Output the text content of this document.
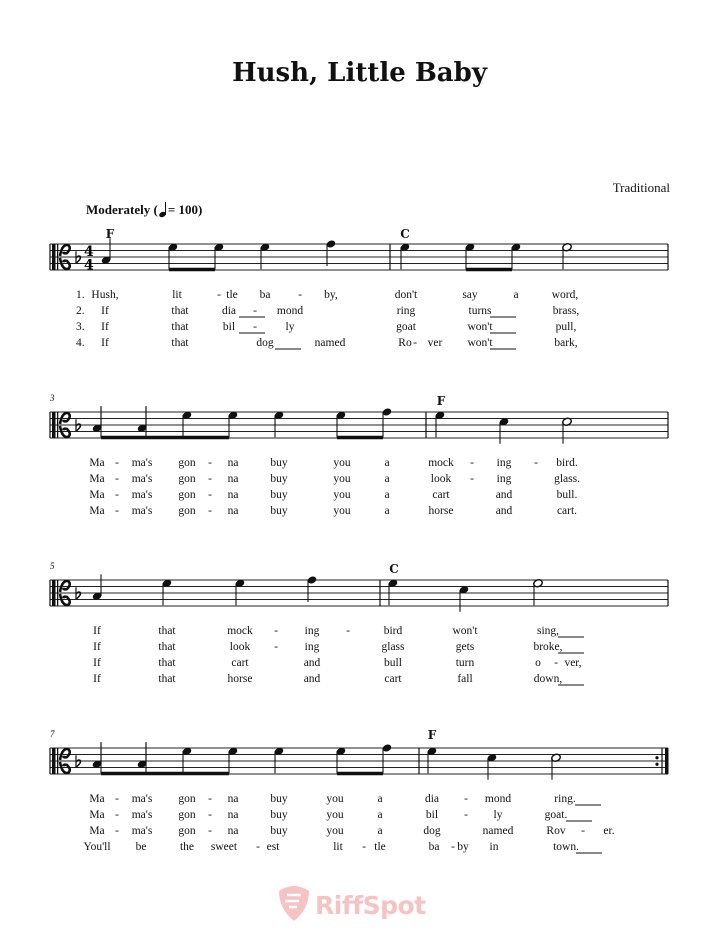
Hush, Little Baby
Traditional
Moderately ( = 100)
4
4
F	C
F
C
F
3
5
7
1.
2.
3.
4.
Hush,	lit	- tle ba - by,	don't	say	a	word,
If	that	dia - mond	ring	turns	brass,
If	that	bil - ly	goat	won't	pull,
If	that	dog	named	Ro - ver won't	bark,
Ma - ma's gon - na	buy	you	a	mock - ing - bird.
Ma - ma's gon - na	buy	you	a	look - ing	glass.
Ma - ma's gon - na	buy	you	a	cart	and	bull.
Ma - ma's gon - na	buy	you	a	horse	and	cart.
If	that	mock - ing -	bird	won't	sing,
If	that	look - ing	glass	gets	broke,
If	that	cart	and	bull	turn	o - ver,
If	that	horse	and	cart	fall	down,
Ma - ma's gon - na	buy	you	a	dia - mond	ring.
Ma - ma's gon - na	buy	you	a	bil - ly	goat.
Ma - ma's gon - na	buy	you	a	dog	named	Rov - er.
You'll be	the sweet - est	lit - tle	ba - by in	town.
RiffSpot
